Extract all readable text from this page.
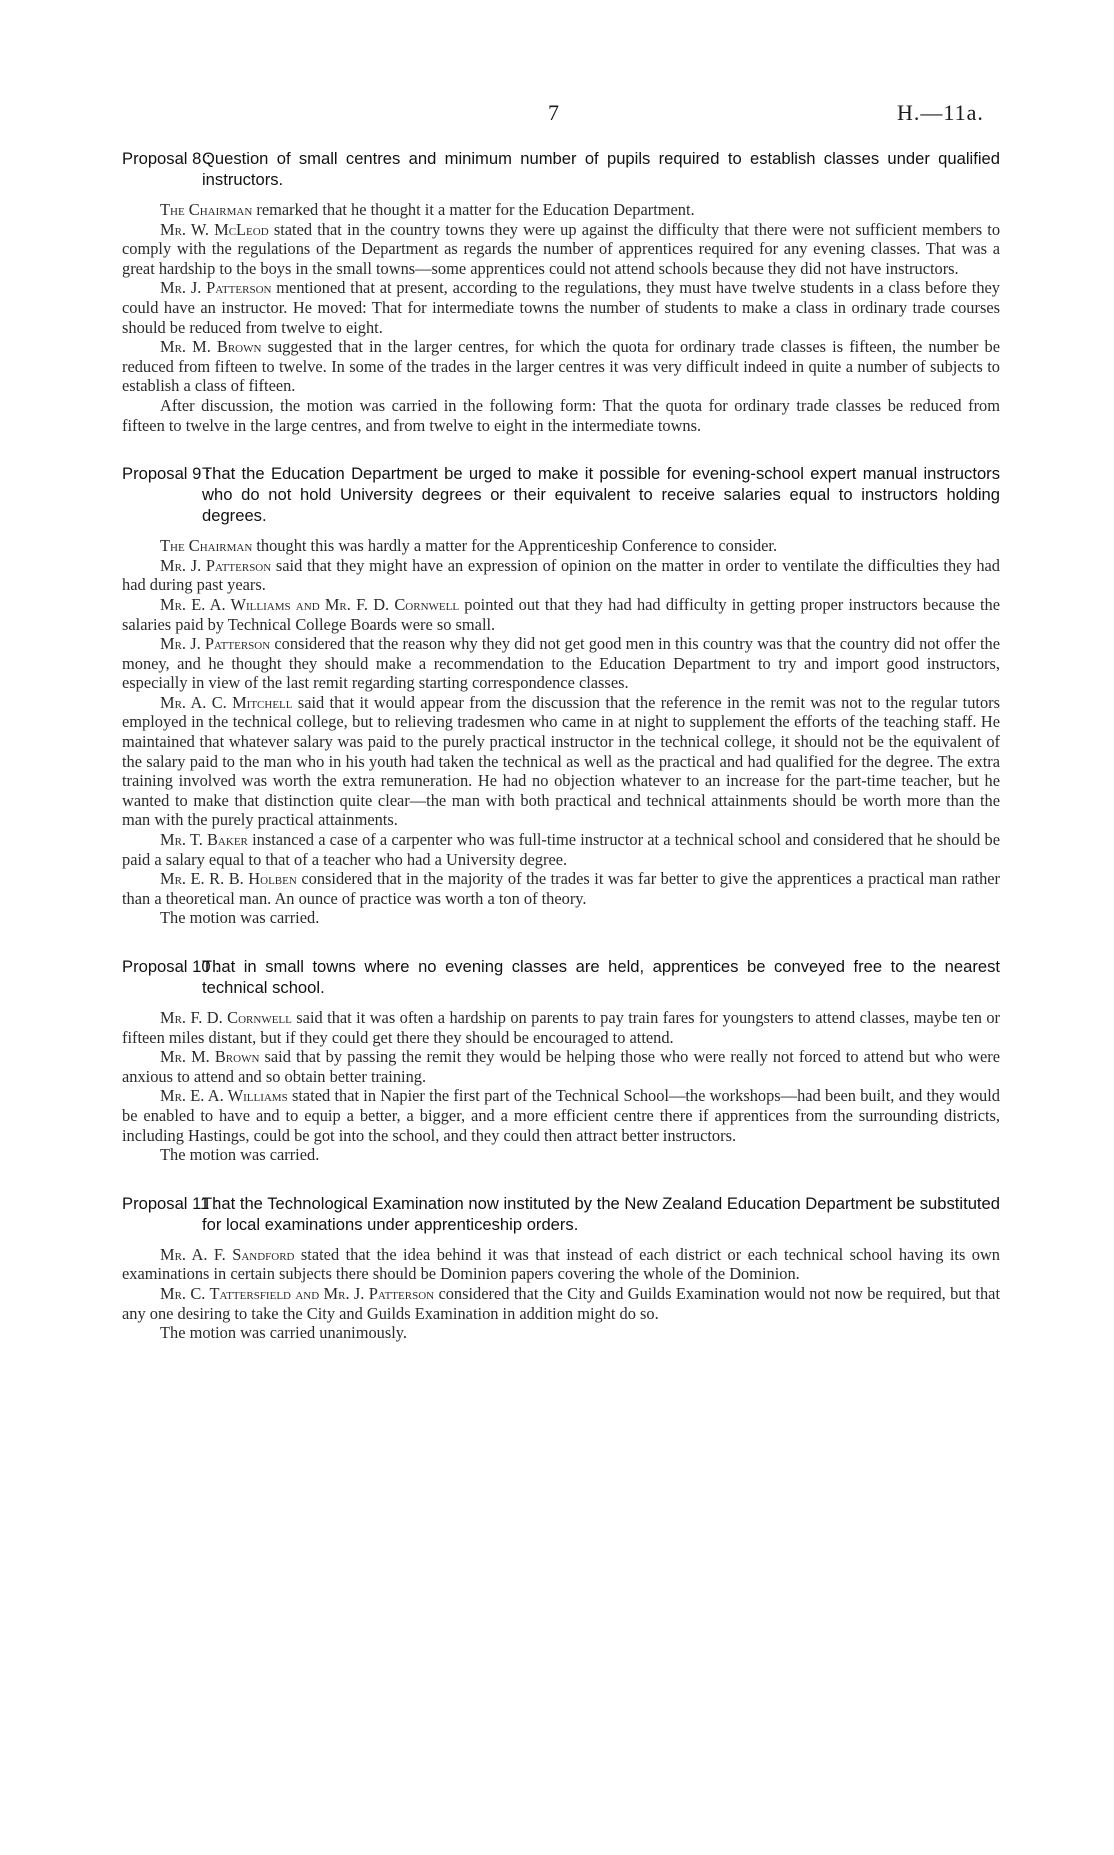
7	H.—11a.
Proposal 8 :
Question of small centres and minimum number of pupils required to establish classes under qualified instructors.

The Chairman remarked that he thought it a matter for the Education Department.

Mr. W. McLeod stated that in the country towns they were up against the difficulty that there were not sufficient members to comply with the regulations of the Department as regards the number of apprentices required for any evening classes. That was a great hardship to the boys in the small towns—some apprentices could not attend schools because they did not have instructors.

Mr. J. Patterson mentioned that at present, according to the regulations, they must have twelve students in a class before they could have an instructor. He moved: That for intermediate towns the number of students to make a class in ordinary trade courses should be reduced from twelve to eight.

Mr. M. Brown suggested that in the larger centres, for which the quota for ordinary trade classes is fifteen, the number be reduced from fifteen to twelve. In some of the trades in the larger centres it was very difficult indeed in quite a number of subjects to establish a class of fifteen.

After discussion, the motion was carried in the following form: That the quota for ordinary trade classes be reduced from fifteen to twelve in the large centres, and from twelve to eight in the intermediate towns.

Proposal 9 :
That the Education Department be urged to make it possible for evening-school expert manual instructors who do not hold University degrees or their equivalent to receive salaries equal to instructors holding degrees.

The Chairman thought this was hardly a matter for the Apprenticeship Conference to consider.

Mr. J. Patterson said that they might have an expression of opinion on the matter in order to ventilate the difficulties they had had during past years.

Mr. E. A. Williams and Mr. F. D. Cornwell pointed out that they had had difficulty in getting proper instructors because the salaries paid by Technical College Boards were so small.

Mr. J. Patterson considered that the reason why they did not get good men in this country was that the country did not offer the money, and he thought they should make a recommendation to the Education Department to try and import good instructors, especially in view of the last remit regarding starting correspondence classes.

Mr. A. C. Mitchell said that it would appear from the discussion that the reference in the remit was not to the regular tutors employed in the technical college, but to relieving tradesmen who came in at night to supplement the efforts of the teaching staff. He maintained that whatever salary was paid to the purely practical instructor in the technical college, it should not be the equivalent of the salary paid to the man who in his youth had taken the technical as well as the practical and had qualified for the degree. The extra training involved was worth the extra remuneration. He had no objection whatever to an increase for the part-time teacher, but he wanted to make that distinction quite clear—the man with both practical and technical attainments should be worth more than the man with the purely practical attainments.

Mr. T. Baker instanced a case of a carpenter who was full-time instructor at a technical school and considered that he should be paid a salary equal to that of a teacher who had a University degree.

Mr. E. R. B. Holben considered that in the majority of the trades it was far better to give the apprentices a practical man rather than a theoretical man. An ounce of practice was worth a ton of theory.

The motion was carried.

Proposal 10 :
That in small towns where no evening classes are held, apprentices be conveyed free to the nearest technical school.

Mr. F. D. Cornwell said that it was often a hardship on parents to pay train fares for youngsters to attend classes, maybe ten or fifteen miles distant, but if they could get there they should be encouraged to attend.

Mr. M. Brown said that by passing the remit they would be helping those who were really not forced to attend but who were anxious to attend and so obtain better training.

Mr. E. A. Williams stated that in Napier the first part of the Technical School—the workshops—had been built, and they would be enabled to have and to equip a better, a bigger, and a more efficient centre there if apprentices from the surrounding districts, including Hastings, could be got into the school, and they could then attract better instructors.

The motion was carried.

Proposal 11 :
That the Technological Examination now instituted by the New Zealand Education Department be substituted for local examinations under apprenticeship orders.

Mr. A. F. Sandford stated that the idea behind it was that instead of each district or each technical school having its own examinations in certain subjects there should be Dominion papers covering the whole of the Dominion.

Mr. C. Tattersfield and Mr. J. Patterson considered that the City and Guilds Examination would not now be required, but that any one desiring to take the City and Guilds Examination in addition might do so.

The motion was carried unanimously.
